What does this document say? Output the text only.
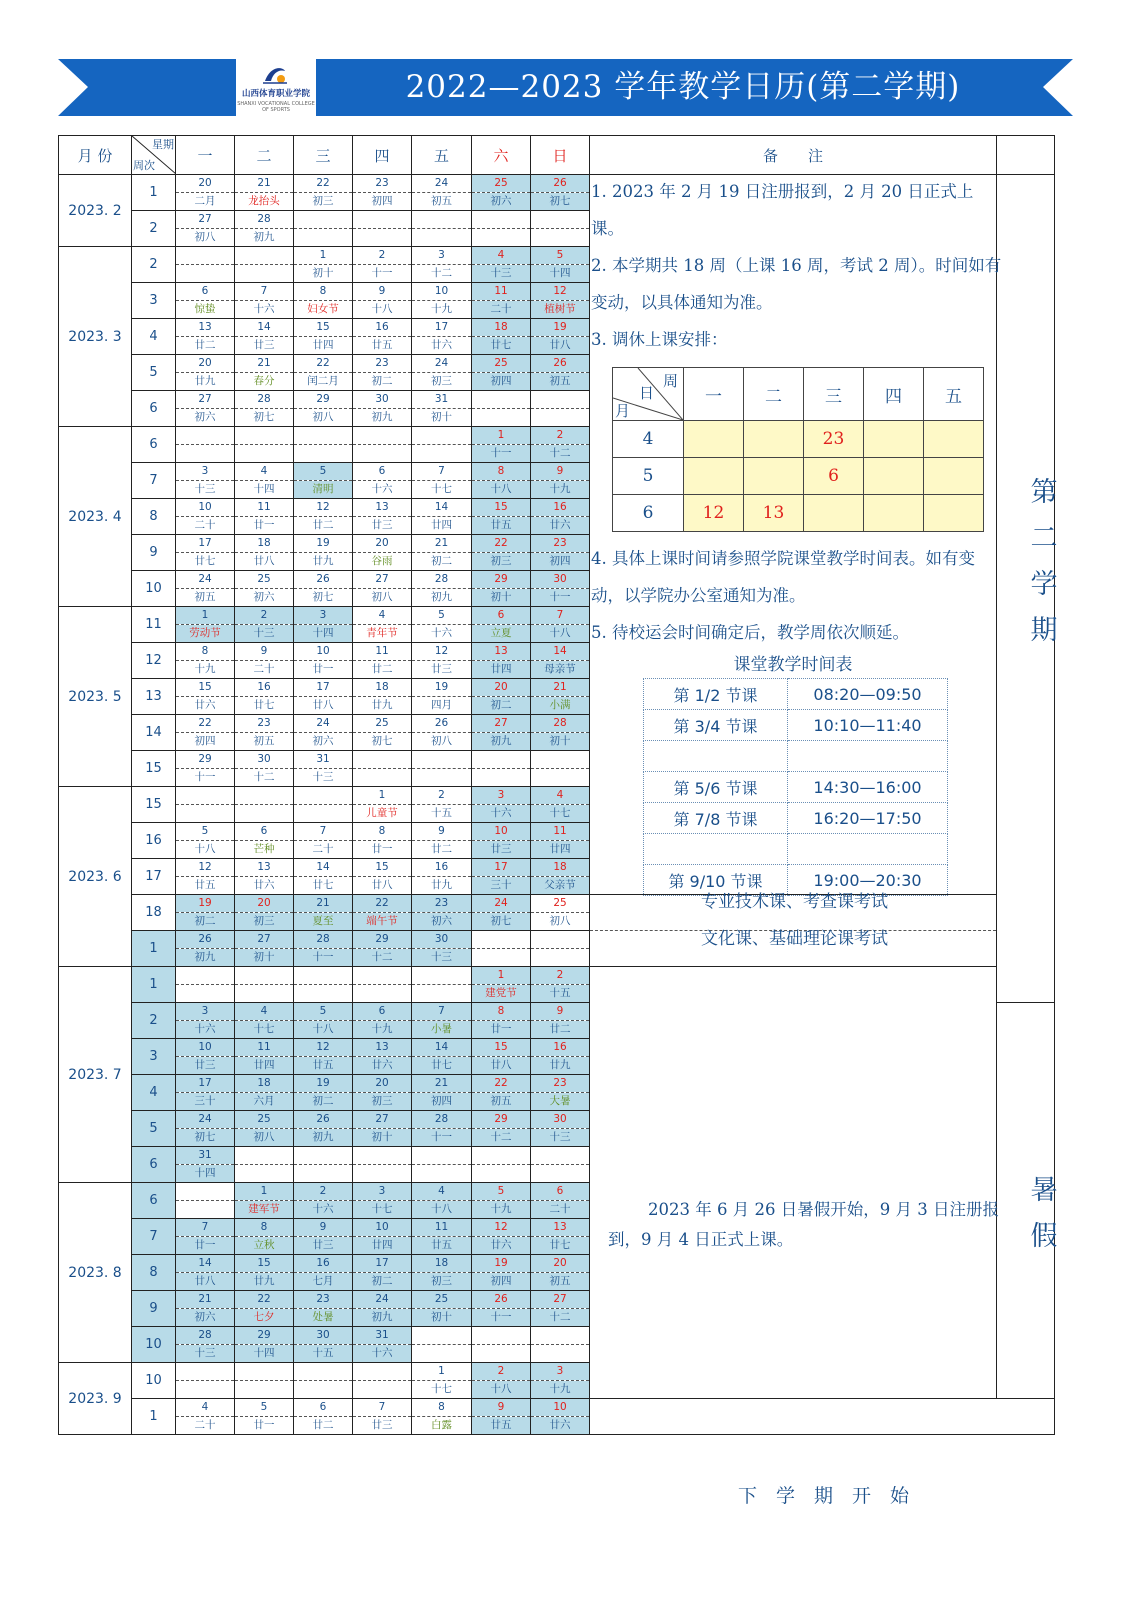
山西体育职业学院
SHANXI VOCATIONAL COLLEGE OF SPORTS
2022—2023 学年教学日历(第二学期)
月 份	星期
周次	一	二	三	四	五	六	日	备　　注	
2023. 2	1	20	21	22	23	24	25	26		
		二月	龙抬头	初三	初四	初五	初六	初七		
	2	27	28							
		初八	初九							
2023. 3	2			1	2	3	4	5		
				初十	十一	十二	十三	十四		
	3	6	7	8	9	10	11	12		
		惊蛰	十六	妇女节	十八	十九	二十	植树节		
	4	13	14	15	16	17	18	19		
		廿二	廿三	廿四	廿五	廿六	廿七	廿八		
	5	20	21	22	23	24	25	26		
		廿九	春分	闰二月	初二	初三	初四	初五		
	6	27	28	29	30	31				
		初六	初七	初八	初九	初十				
2023. 4	6						1	2		
							十一	十二		
	7	3	4	5	6	7	8	9		
		十三	十四	清明	十六	十七	十八	十九		
	8	10	11	12	13	14	15	16		
		二十	廿一	廿二	廿三	廿四	廿五	廿六		
	9	17	18	19	20	21	22	23		
		廿七	廿八	廿九	谷雨	初二	初三	初四		
	10	24	25	26	27	28	29	30		
		初五	初六	初七	初八	初九	初十	十一		
2023. 5	11	1	2	3	4	5	6	7		
		劳动节	十三	十四	青年节	十六	立夏	十八		
	12	8	9	10	11	12	13	14		
		十九	二十	廿一	廿二	廿三	廿四	母亲节		
	13	15	16	17	18	19	20	21		
		廿六	廿七	廿八	廿九	四月	初二	小满		
	14	22	23	24	25	26	27	28		
		初四	初五	初六	初七	初八	初九	初十		
	15	29	30	31						
		十一	十二	十三						
2023. 6	15				1	2	3	4		
					儿童节	十五	十六	十七		
	16	5	6	7	8	9	10	11		
		十八	芒种	二十	廿一	廿二	廿三	廿四		
	17	12	13	14	15	16	17	18		
		廿五	廿六	廿七	廿八	廿九	三十	父亲节		
	18	19	20	21	22	23	24	25		
		初二	初三	夏至	端午节	初六	初七	初八		
	1	26	27	28	29	30				
		初九	初十	十一	十二	十三				
2023. 7	1						1	2		
							建党节	十五		
	2	3	4	5	6	7	8	9		
		十六	十七	十八	十九	小暑	廿一	廿二		
	3	10	11	12	13	14	15	16		
		廿三	廿四	廿五	廿六	廿七	廿八	廿九		
	4	17	18	19	20	21	22	23		
		三十	六月	初二	初三	初四	初五	大暑		
	5	24	25	26	27	28	29	30		
		初七	初八	初九	初十	十一	十二	十三		
	6	31								
		十四								
2023. 8	6		1	2	3	4	5	6		
			建军节	十六	十七	十八	十九	二十		
	7	7	8	9	10	11	12	13		
		廿一	立秋	廿三	廿四	廿五	廿六	廿七		
	8	14	15	16	17	18	19	20		
		廿八	廿九	七月	初二	初三	初四	初五		
	9	21	22	23	24	25	26	27		
		初六	七夕	处暑	初九	初十	十一	十二		
	10	28	29	30	31					
		十三	十四	十五	十六					
2023. 9	10					1	2	3		
						十七	十八	十九		
	1	4	5	6	7	8	9	10		
		二十	廿一	廿二	廿三	白露	廿五	廿六		

1. 2023 年 2 月 19 日注册报到，2 月 20 日正式上课。

2. 本学期共 18 周（上课 16 周，考试 2 周）。时间如有变动，以具体通知为准。

3. 调休上课安排：

4. 具体上课时间请参照学院课堂教学时间表。如有变动，以学院办公室通知为准。

5. 待校运会时间确定后，教学周依次顺延。

周
日
月	一	二	三	四	五
4			23		
5			6		
6	12	13			
课堂教学时间表
第 1/2 节课	08:20—09:50
第 3/4 节课	10:10—11:40

第 5/6 节课	14:30—16:00
第 7/8 节课	16:20—17:50

第 9/10 节课	19:00—20:30
专业技术课、考查课考试
文化课、基础理论课考试
2023 年 6 月 26 日暑假开始，9 月 3 日注册报到，9 月 4 日正式上课。
下　学　期　开　始
第二学期
暑假
